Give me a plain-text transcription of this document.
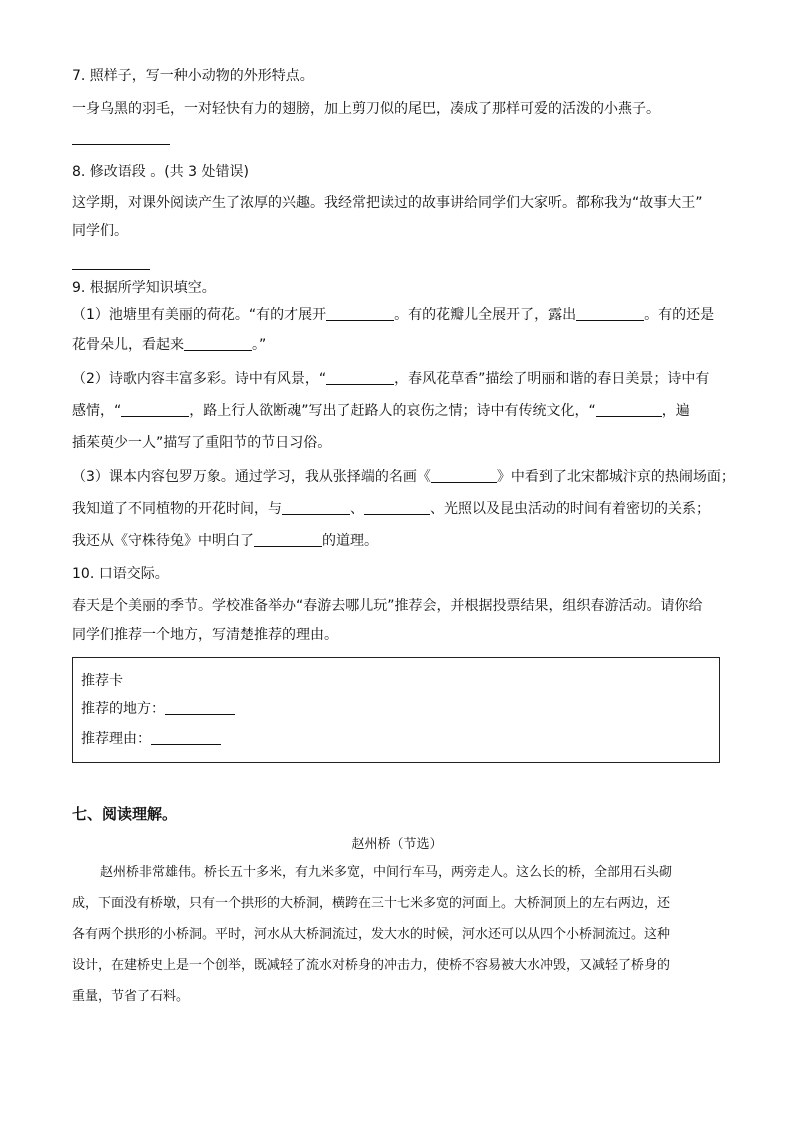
7. 照样子，写一种小动物的外形特点。

一身乌黑的羽毛，一对轻快有力的翅膀，加上剪刀似的尾巴，凑成了那样可爱的活泼的小燕子。

8. 修改语段 。(共 3 处错误)

这学期，对课外阅读产生了浓厚的兴趣。我经常把读过的故事讲给同学们大家听。都称我为“故事大王”

同学们。

9. 根据所学知识填空。

（1）池塘里有美丽的荷花。“有的才展开	。有的花瓣儿全展开了，露出	。有的还是

花骨朵儿，看起来	。”

（2）诗歌内容丰富多彩。诗中有风景，“	，春风花草香”描绘了明丽和谐的春日美景；诗中有

感情，“	，路上行人欲断魂”写出了赶路人的哀伤之情；诗中有传统文化，“	，遍

插茱萸少一人”描写了重阳节的节日习俗。

（3）课本内容包罗万象。通过学习，我从张择端的名画《	》中看到了北宋都城汴京的热闹场面；

我知道了不同植物的开花时间，与	、	、光照以及昆虫活动的时间有着密切的关系；

我还从《守株待兔》中明白了	的道理。

10. 口语交际。

春天是个美丽的季节。学校准备举办“春游去哪儿玩”推荐会，并根据投票结果，组织春游活动。请你给

同学们推荐一个地方，写清楚推荐的理由。

推荐卡

推荐的地方：

推荐理由：

七、阅读理解。

赵州桥（节选）

赵州桥非常雄伟。桥长五十多米，有九米多宽，中间行车马，两旁走人。这么长的桥，全部用石头砌

成，下面没有桥墩，只有一个拱形的大桥洞，横跨在三十七米多宽的河面上。大桥洞顶上的左右两边，还

各有两个拱形的小桥洞。平时，河水从大桥洞流过，发大水的时候，河水还可以从四个小桥洞流过。这种

设计，在建桥史上是一个创举，既减轻了流水对桥身的冲击力，使桥不容易被大水冲毁，又减轻了桥身的

重量，节省了石料。
